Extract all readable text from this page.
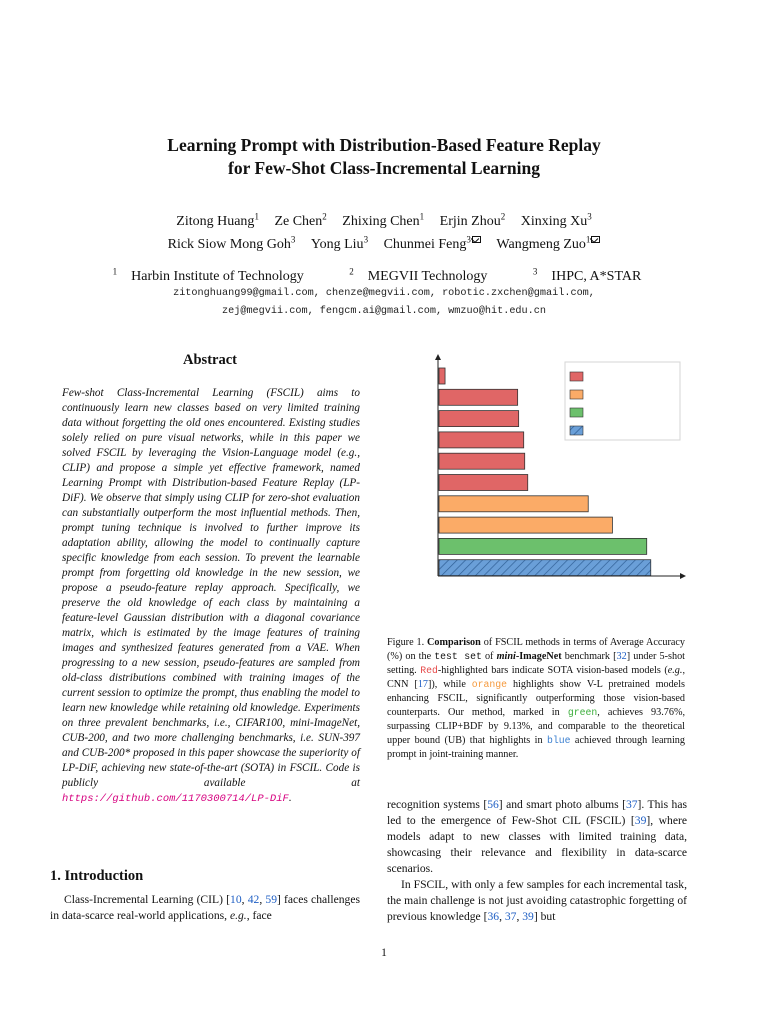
Learning Prompt with Distribution-Based Feature Replay
for Few-Shot Class-Incremental Learning
Zitong Huang$^1$ Ze Chen$^2$ Zhixing Chen$^1$ Erjin Zhou$^2$ Xinxing Xu$^3$
Rick Siow Mong Goh$^3$ Yong Liu$^3$ Chunmei Feng$^3$ Wangmeng Zuo$^1$
$^1$ Harbin Institute of Technology	$^2$ MEGVII Technology	$^3$ IHPC, A*STAR
zitonghuang99@gmail.com, chenze@megvii.com, robotic.zxchen@gmail.com,
zej@megvii.com, fengcm.ai@gmail.com, wmzuo@hit.edu.cn
Abstract
Few-shot Class-Incremental Learning (FSCIL) aims to continuously learn new classes based on very limited training data without forgetting the old ones encountered. Existing studies solely relied on pure visual networks, while in this paper we solved FSCIL by leveraging the Vision-Language model (e.g., CLIP) and propose a simple yet effective framework, named Learning Prompt with Distribution-based Feature Replay (LP-DiF). We observe that simply using CLIP for zero-shot evaluation can substantially outperform the most influential methods. Then, prompt tuning technique is involved to further improve its adaptation ability, allowing the model to continually capture specific knowledge from each session. To prevent the learnable prompt from forgetting old knowledge in the new session, we propose a pseudo-feature replay approach. Specifically, we preserve the old knowledge of each class by maintaining a feature-level Gaussian distribution with a diagonal covariance matrix, which is estimated by the image features of training images and synthesized features generated from a VAE. When progressing to a new session, pseudo-features are sampled from old-class distributions combined with training images of the current session to optimize the prompt, thus enabling the model to learn new knowledge while retaining old knowledge. Experiments on three prevalent benchmarks, i.e., CIFAR100, mini-ImageNet, CUB-200, and two more challenging benchmarks, i.e. SUN-397 and CUB-200* proposed in this paper showcase the superiority of LP-DiF, achieving new state-of-the-art (SOTA) in FSCIL. Code is publicly available at https://github.com/1170300714/LP-DiF.
1. Introduction
Class-Incremental Learning (CIL) [10, 42, 59] faces challenges in data-scarce real-world applications, e.g., face
Figure 1. Comparison of FSCIL methods in terms of Average Accuracy (%) on the test set of mini-ImageNet benchmark [32] under 5-shot setting. Red-highlighted bars indicate SOTA vision-based models (e.g., CNN [17]), while orange highlights show V-L pretrained models enhancing FSCIL, significantly outperforming those vision-based counterparts. Our method, marked in green, achieves 93.76%, surpassing CLIP+BDF by 9.13%, and comparable to the theoretical upper bound (UB) that highlights in blue achieved through learning prompt in joint-training manner.

recognition systems [56] and smart photo albums [37]. This has led to the emergence of Few-Shot CIL (FSCIL) [39], where models adapt to new classes with limited training data, showcasing their relevance and flexibility in data-scarce scenarios.

In FSCIL, with only a few samples for each incremental task, the main challenge is not just avoiding catastrophic forgetting of previous knowledge [36, 37, 39] but

1
